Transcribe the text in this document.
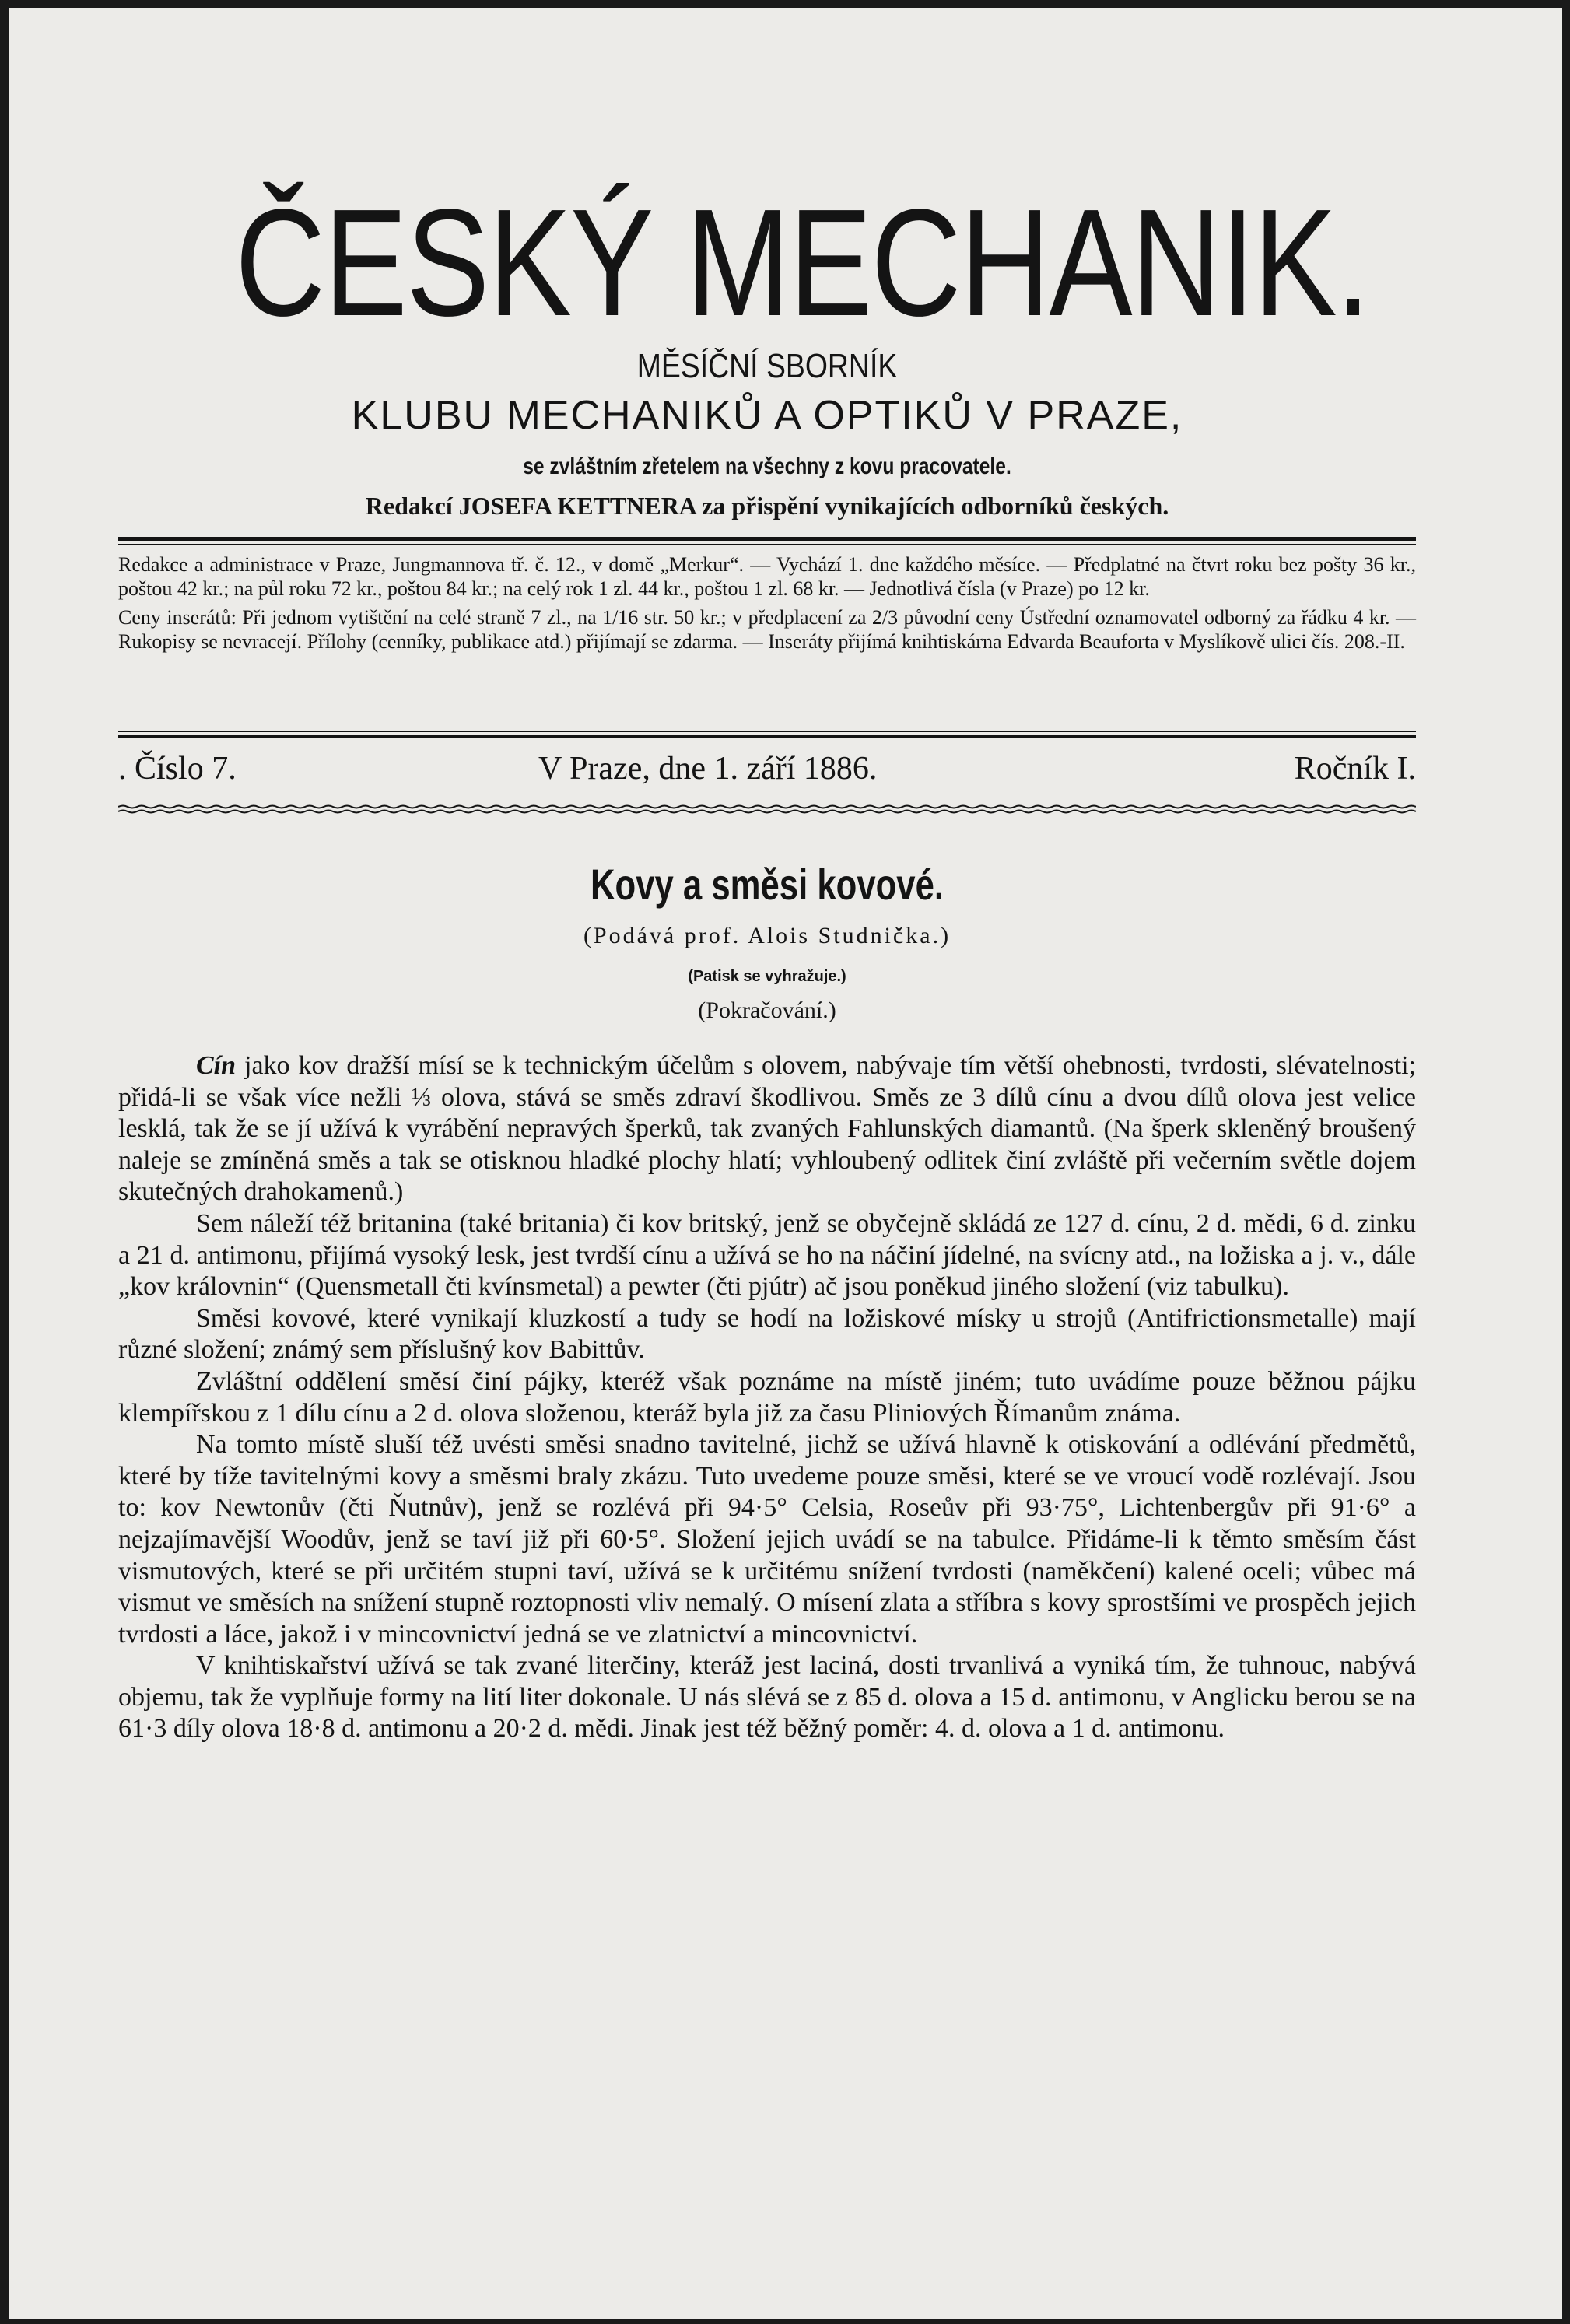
ČESKÝ MECHANIK.
MĚSÍČNÍ SBORNÍK
KLUBU MECHANIKŮ A OPTIKŮ V PRAZE,
se zvláštním zřetelem na všechny z kovu pracovatele.
Redakcí JOSEFA KETTNERA za přispění vynikajících odborníků českých.

Redakce a administrace v Praze, Jungmannova tř. č. 12., v domě „Merkur“. — Vychází 1. dne každého měsíce. — Předplatné na čtvrt roku bez pošty 36 kr., poštou 42 kr.; na půl roku 72 kr., poštou 84 kr.; na celý rok 1 zl. 44 kr., poštou 1 zl. 68 kr. — Jednotlivá čísla (v Praze) po 12 kr.

Ceny inserátů: Při jednom vytištění na celé straně 7 zl., na 1/16 str. 50 kr.; v předplacení za 2/3 původní ceny Ústřední oznamovatel odborný za řádku 4 kr. — Rukopisy se nevracejí. Přílohy (cenníky, publikace atd.) přijímají se zdarma. — Inseráty přijímá knihtiskárna Edvarda Beauforta v Myslíkově ulici čís. 208.-II.

. Číslo 7.	V Praze, dne 1. září 1886.	Ročník I.
Kovy a směsi kovové.
(Podává prof. Alois Studnička.)
(Patisk se vyhražuje.)
(Pokračování.)

Cín jako kov dražší mísí se k technickým účelům s olovem, nabývaje tím větší ohebnosti, tvrdosti, slévatelnosti; přidá-li se však více nežli ⅓ olova, stává se směs zdraví škodlivou. Směs ze 3 dílů cínu a dvou dílů olova jest velice lesklá, tak že se jí užívá k vyrábění nepravých šperků, tak zvaných Fahlunských diamantů. (Na šperk skleněný broušený naleje se zmíněná směs a tak se otisknou hladké plochy hlatí; vyhloubený odlitek činí zvláště při večerním světle dojem skutečných drahokamenů.)

Sem náleží též britanina (také britania) či kov britský, jenž se obyčejně skládá ze 127 d. cínu, 2 d. mědi, 6 d. zinku a 21 d. antimonu, přijímá vysoký lesk, jest tvrdší cínu a užívá se ho na náčiní jídelné, na svícny atd., na ložiska a j. v., dále „kov královnin“ (Quensmetall čti kvínsmetal) a pewter (čti pjútr) ač jsou poněkud jiného složení (viz tabulku).

Směsi kovové, které vynikají kluzkostí a tudy se hodí na ložiskové mísky u strojů (Antifrictionsmetalle) mají různé složení; známý sem příslušný kov Babittův.

Zvláštní oddělení směsí činí pájky, kteréž však poznáme na místě jiném; tuto uvádíme pouze běžnou pájku klempířskou z 1 dílu cínu a 2 d. olova složenou, kteráž byla již za času Pliniových Římanům známa.

Na tomto místě sluší též uvésti směsi snadno tavitelné, jichž se užívá hlavně k otiskování a odlévání předmětů, které by tíže tavitelnými kovy a směsmi braly zkázu. Tuto uvedeme pouze směsi, které se ve vroucí vodě rozlévají. Jsou to: kov Newtonův (čti Ňutnův), jenž se rozlévá při 94·5° Celsia, Roseův při 93·75°, Lichtenbergův při 91·6° a nejzajímavější Woodův, jenž se taví již při 60·5°. Složení jejich uvádí se na tabulce. Přidáme-li k těmto směsím část vismutových, které se při určitém stupni taví, užívá se k určitému snížení tvrdosti (naměkčení) kalené oceli; vůbec má vismut ve směsích na snížení stupně roztopnosti vliv nemalý. O mísení zlata a stříbra s kovy sprostšími ve prospěch jejich tvrdosti a láce, jakož i v mincovnictví jedná se ve zlatnictví a mincovnictví.

V knihtiskařství užívá se tak zvané literčiny, kteráž jest laciná, dosti trvanlivá a vyniká tím, že tuhnouc, nabývá objemu, tak že vyplňuje formy na lití liter dokonale. U nás slévá se z 85 d. olova a 15 d. antimonu, v Anglicku berou se na 61·3 díly olova 18·8 d. antimonu a 20·2 d. mědi. Jinak jest též běžný poměr: 4. d. olova a 1 d. antimonu.
